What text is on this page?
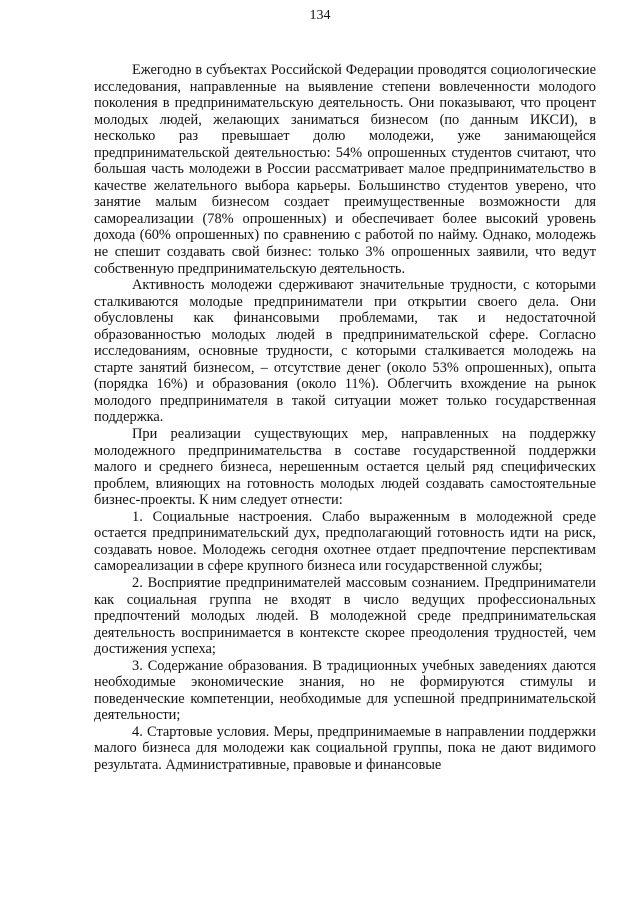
134

Ежегодно в субъектах Российской Федерации проводятся социологические исследования, направленные на выявление степени вовлеченности молодого поколения в предпринимательскую деятельность. Они показывают, что процент молодых людей, желающих заниматься бизнесом (по данным ИКСИ), в несколько раз превышает долю молодежи, уже занимающейся предпринимательской деятельностью: 54% опрошенных студентов считают, что большая часть молодежи в России рассматривает малое предпринимательство в качестве желательного выбора карьеры. Большинство студентов уверено, что занятие малым бизнесом создает преимущественные возможности для самореализации (78% опрошенных) и обеспечивает более высокий уровень дохода (60% опрошенных) по сравнению с работой по найму. Однако, молодежь не спешит создавать свой бизнес: только 3% опрошенных заявили, что ведут собственную предпринимательскую деятельность.

Активность молодежи сдерживают значительные трудности, с которыми сталкиваются молодые предприниматели при открытии своего дела. Они обусловлены как финансовыми проблемами, так и недостаточной образованностью молодых людей в предпринимательской сфере. Согласно исследованиям, основные трудности, с которыми сталкивается молодежь на старте занятий бизнесом, – отсутствие денег (около 53% опрошенных), опыта (порядка 16%) и образования (около 11%). Облегчить вхождение на рынок молодого предпринимателя в такой ситуации может только государственная поддержка.

При реализации существующих мер, направленных на поддержку молодежного предпринимательства в составе государственной поддержки малого и среднего бизнеса, нерешенным остается целый ряд специфических проблем, влияющих на готовность молодых людей создавать самостоятельные бизнес-проекты. К ним следует отнести:

1. Социальные настроения. Слабо выраженным в молодежной среде остается предпринимательский дух, предполагающий готовность идти на риск, создавать новое. Молодежь сегодня охотнее отдает предпочтение перспективам самореализации в сфере крупного бизнеса или государственной службы;

2. Восприятие предпринимателей массовым сознанием. Предприниматели как социальная группа не входят в число ведущих профессиональных предпочтений молодых людей. В молодежной среде предпринимательская деятельность воспринимается в контексте скорее преодоления трудностей, чем достижения успеха;

3. Содержание образования. В традиционных учебных заведениях даются необходимые экономические знания, но не формируются стимулы и поведенческие компетенции, необходимые для успешной предпринимательской деятельности;

4. Стартовые условия. Меры, предпринимаемые в направлении поддержки малого бизнеса для молодежи как социальной группы, пока не дают видимого результата. Административные, правовые и финансовые
